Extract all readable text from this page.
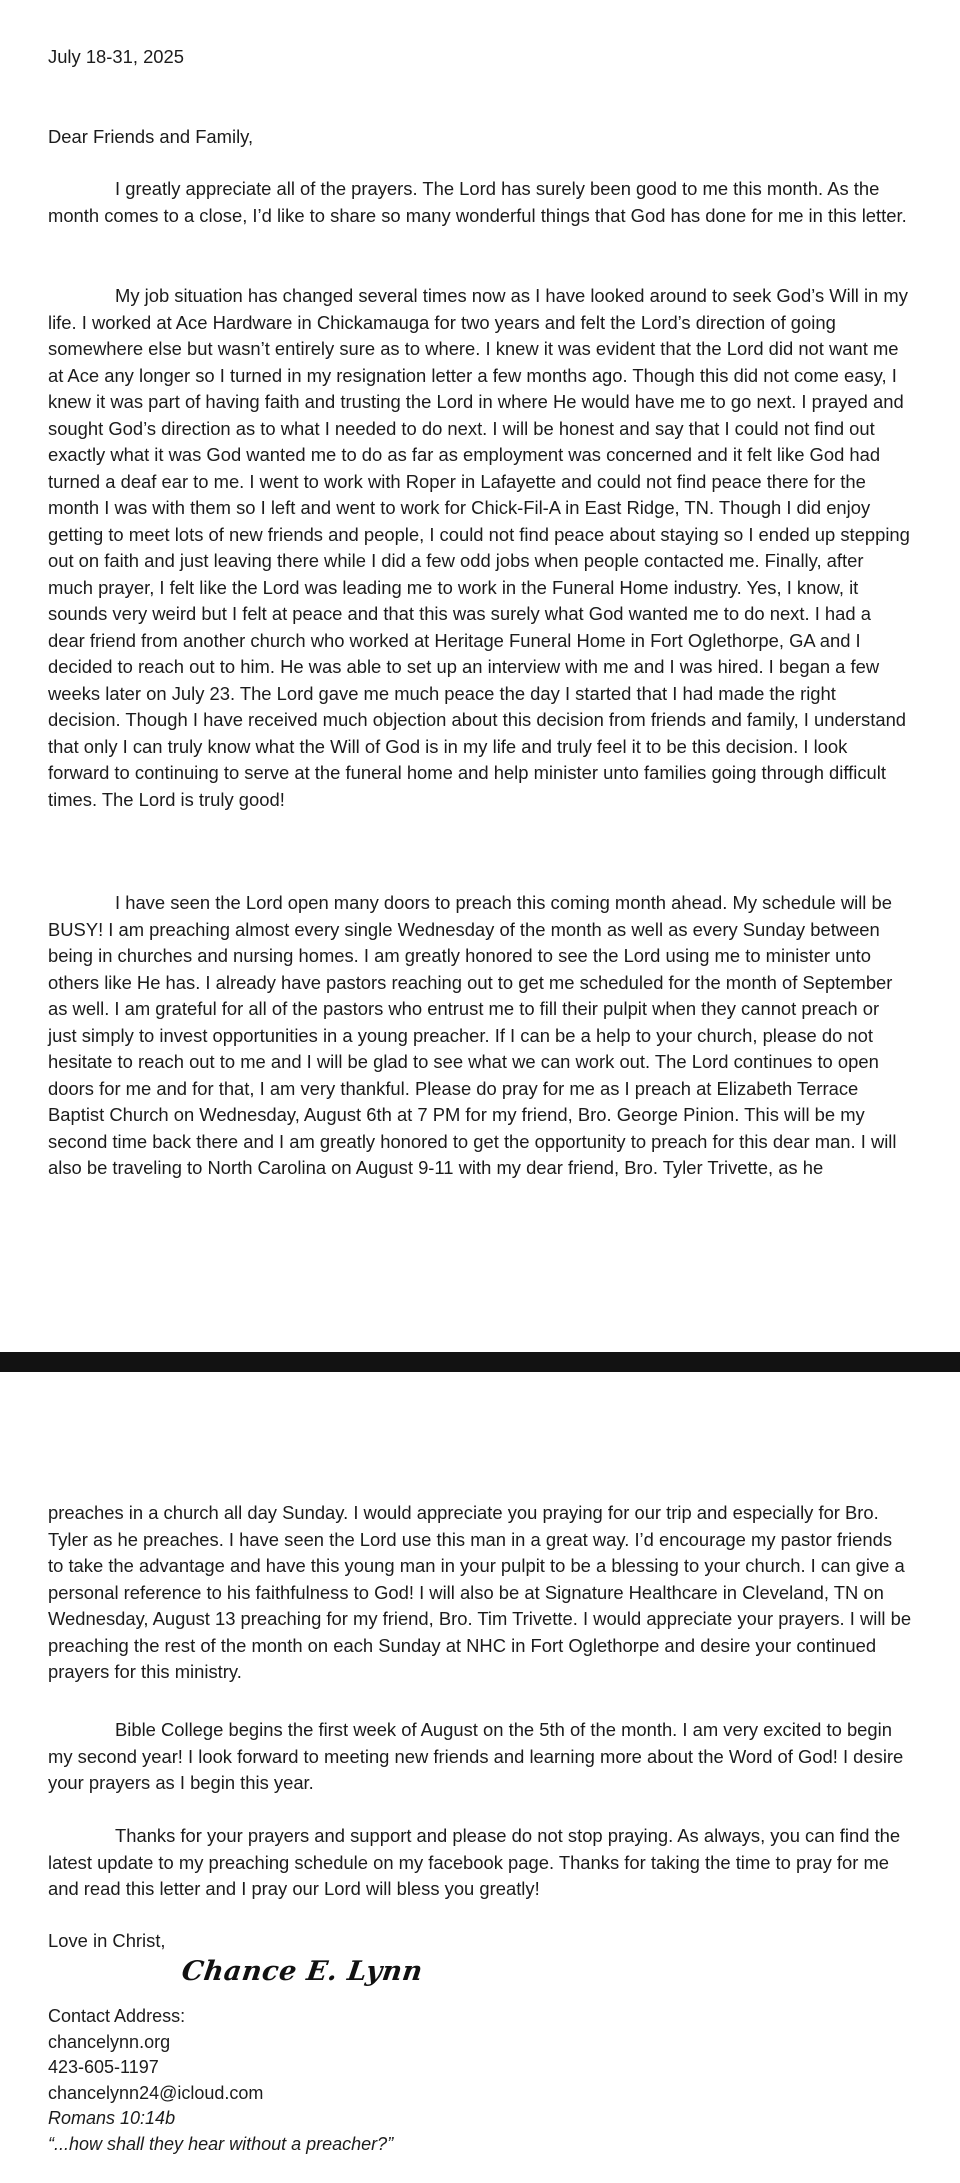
July 18-31, 2025

Dear Friends and Family,

I greatly appreciate all of the prayers. The Lord has surely been good to me this month. As the month comes to a close, I’d like to share so many wonderful things that God has done for me in this letter.

My job situation has changed several times now as I have looked around to seek God’s Will in my life. I worked at Ace Hardware in Chickamauga for two years and felt the Lord’s direction of going somewhere else but wasn’t entirely sure as to where. I knew it was evident that the Lord did not want me at Ace any longer so I turned in my resignation letter a few months ago. Though this did not come easy, I knew it was part of having faith and trusting the Lord in where He would have me to go next. I prayed and sought God’s direction as to what I needed to do next. I will be honest and say that I could not find out exactly what it was God wanted me to do as far as employment was concerned and it felt like God had turned a deaf ear to me. I went to work with Roper in Lafayette and could not find peace there for the month I was with them so I left and went to work for Chick-Fil-A in East Ridge, TN. Though I did enjoy getting to meet lots of new friends and people, I could not find peace about staying so I ended up stepping out on faith and just leaving there while I did a few odd jobs when people contacted me. Finally, after much prayer, I felt like the Lord was leading me to work in the Funeral Home industry. Yes, I know, it sounds very weird but I felt at peace and that this was surely what God wanted me to do next. I had a dear friend from another church who worked at Heritage Funeral Home in Fort Oglethorpe, GA and I decided to reach out to him. He was able to set up an interview with me and I was hired. I began a few weeks later on July 23. The Lord gave me much peace the day I started that I had made the right decision. Though I have received much objection about this decision from friends and family, I understand that only I can truly know what the Will of God is in my life and truly feel it to be this decision. I look forward to continuing to serve at the funeral home and help minister unto families going through difficult times. The Lord is truly good!

I have seen the Lord open many doors to preach this coming month ahead. My schedule will be BUSY! I am preaching almost every single Wednesday of the month as well as every Sunday between being in churches and nursing homes. I am greatly honored to see the Lord using me to minister unto others like He has. I already have pastors reaching out to get me scheduled for the month of September as well. I am grateful for all of the pastors who entrust me to fill their pulpit when they cannot preach or just simply to invest opportunities in a young preacher. If I can be a help to your church, please do not hesitate to reach out to me and I will be glad to see what we can work out. The Lord continues to open doors for me and for that, I am very thankful. Please do pray for me as I preach at Elizabeth Terrace Baptist Church on Wednesday, August 6th at 7 PM for my friend, Bro. George Pinion. This will be my second time back there and I am greatly honored to get the opportunity to preach for this dear man. I will also be traveling to North Carolina on August 9-11 with my dear friend, Bro. Tyler Trivette, as he

preaches in a church all day Sunday. I would appreciate you praying for our trip and especially for Bro. Tyler as he preaches. I have seen the Lord use this man in a great way. I’d encourage my pastor friends to take the advantage and have this young man in your pulpit to be a blessing to your church. I can give a personal reference to his faithfulness to God! I will also be at Signature Healthcare in Cleveland, TN on Wednesday, August 13 preaching for my friend, Bro. Tim Trivette. I would appreciate your prayers. I will be preaching the rest of the month on each Sunday at NHC in Fort Oglethorpe and desire your continued prayers for this ministry.

Bible College begins the first week of August on the 5th of the month. I am very excited to begin my second year! I look forward to meeting new friends and learning more about the Word of God! I desire your prayers as I begin this year.

Thanks for your prayers and support and please do not stop praying. As always, you can find the latest update to my preaching schedule on my facebook page. Thanks for taking the time to pray for me and read this letter and I pray our Lord will bless you greatly!

Love in Christ,

Chance E. Lynn
Contact Address:
chancelynn.org
423-605-1197
chancelynn24@icloud.com
Romans 10:14b
“...how shall they hear without a preacher?”
